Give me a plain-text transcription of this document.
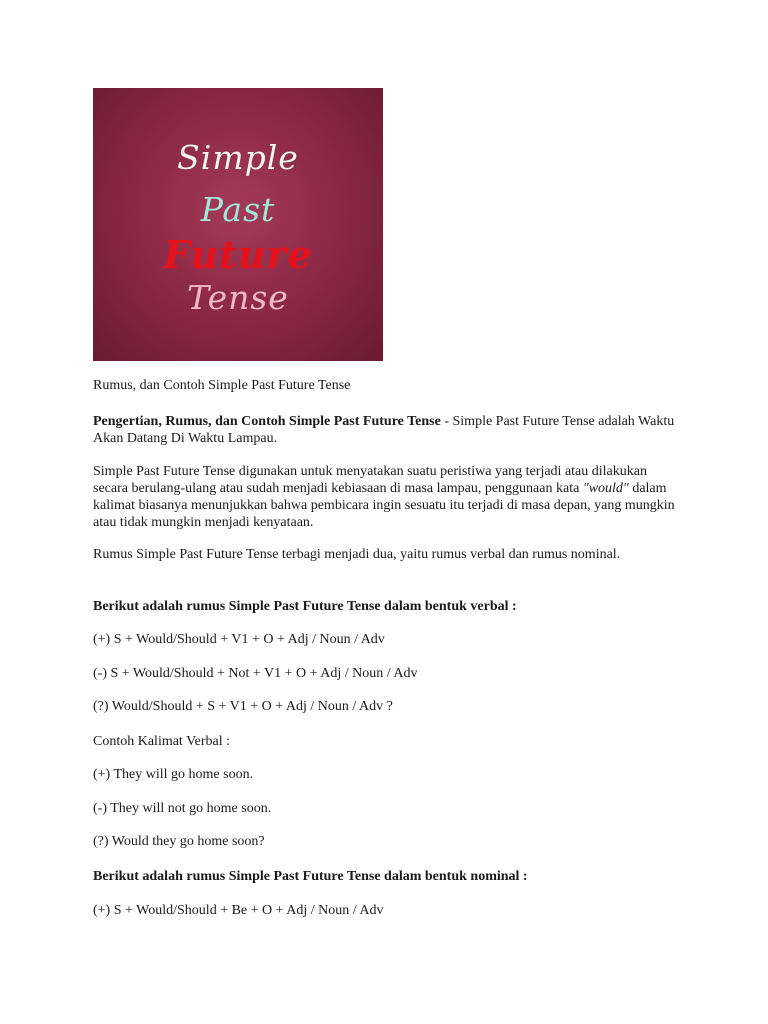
Simple
Past
Future
Tense
Rumus, dan Contoh Simple Past Future Tense

Pengertian, Rumus, dan Contoh Simple Past Future Tense - Simple Past Future Tense adalah Waktu Akan Datang Di Waktu Lampau.

Simple Past Future Tense digunakan untuk menyatakan suatu peristiwa yang terjadi atau dilakukan secara berulang-ulang atau sudah menjadi kebiasaan di masa lampau, penggunaan kata "would" dalam kalimat biasanya menunjukkan bahwa pembicara ingin sesuatu itu terjadi di masa depan, yang mungkin atau tidak mungkin menjadi kenyataan.

Rumus Simple Past Future Tense terbagi menjadi dua, yaitu rumus verbal dan rumus nominal.

Berikut adalah rumus Simple Past Future Tense dalam bentuk verbal :

(+) S + Would/Should + V1 + O + Adj / Noun / Adv

(-) S + Would/Should + Not + V1 + O + Adj / Noun / Adv

(?) Would/Should + S + V1 + O + Adj / Noun / Adv ?

Contoh Kalimat Verbal :

(+) They will go home soon.

(-) They will not go home soon.

(?) Would they go home soon?

Berikut adalah rumus Simple Past Future Tense dalam bentuk nominal :

(+) S + Would/Should + Be + O + Adj / Noun / Adv
